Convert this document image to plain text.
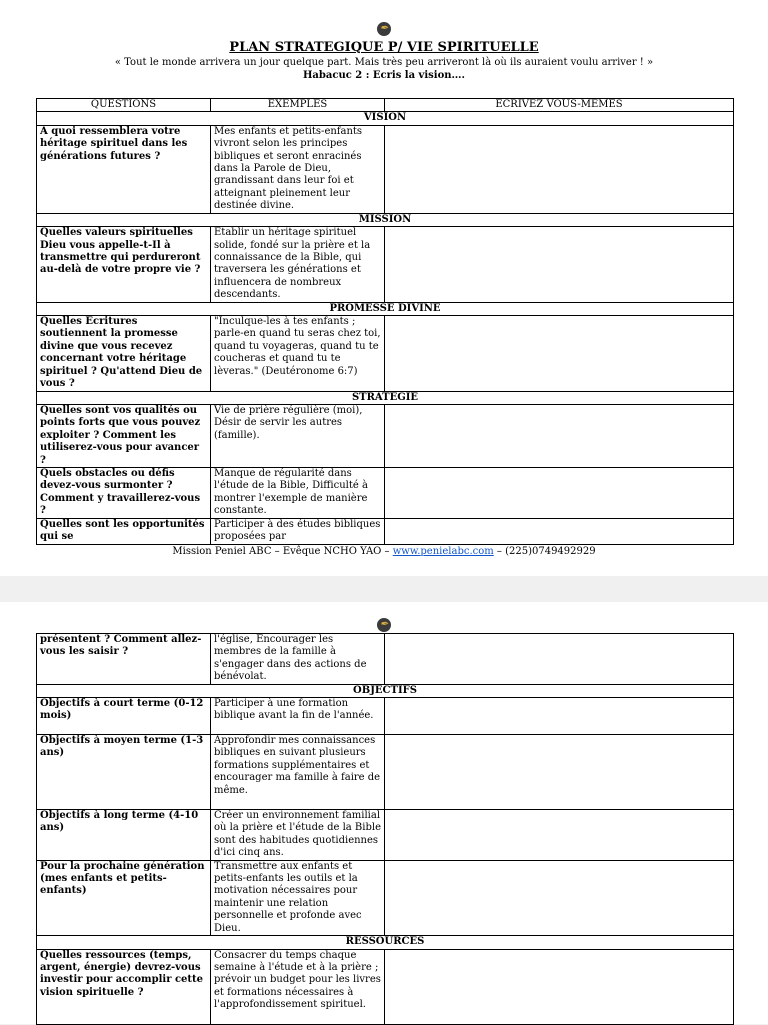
✒
PLAN STRATEGIQUE P/ VIE SPIRITUELLE
« Tout le monde arrivera un jour quelque part. Mais très peu arriveront là où ils auraient voulu arriver ! »
Habacuc 2 : Ecris la vision….
QUESTIONS	EXEMPLES	ECRIVEZ VOUS-MÊMES
VISION		
A quoi ressemblera votre héritage spirituel dans les générations futures ?	Mes enfants et petits-enfants vivront selon les principes bibliques et seront enracinés dans la Parole de Dieu, grandissant dans leur foi et atteignant pleinement leur destinée divine.	
MISSION		
Quelles valeurs spirituelles Dieu vous appelle-t-Il à transmettre qui perdureront au-delà de votre propre vie ?	Etablir un héritage spirituel solide, fondé sur la prière et la connaissance de la Bible, qui traversera les générations et influencera de nombreux descendants.	
PROMESSE DIVINE		
Quelles Ecritures soutiennent la promesse divine que vous recevez concernant votre héritage spirituel ? Qu'attend Dieu de vous ?	"Inculque-les à tes enfants ; parle-en quand tu seras chez toi, quand tu voyageras, quand tu te coucheras et quand tu te lèveras." (Deutéronome 6:7)	
STRATEGIE		
Quelles sont vos qualités ou points forts que vous pouvez exploiter ? Comment les utiliserez-vous pour avancer ?	Vie de prière régulière (moi), Désir de servir les autres (famille).	
Quels obstacles ou défis devez-vous surmonter ? Comment y travaillerez-vous ?	Manque de régularité dans l'étude de la Bible, Difficulté à montrer l'exemple de manière constante.	
Quelles sont les opportunités qui se	Participer à des études bibliques proposées par	
Mission Peniel ABC – Evêque NCHO YAO – www.penielabc.com – (225)0749492929
✒
présentent ? Comment allez-vous les saisir ?	l'église, Encourager les membres de la famille à s'engager dans des actions de bénévolat.	
OBJECTIFS		
Objectifs à court terme (0-12 mois)	Participer à une formation biblique avant la fin de l'année.	
Objectifs à moyen terme (1-3 ans)	Approfondir mes connaissances bibliques en suivant plusieurs formations supplémentaires et encourager ma famille à faire de même.	
Objectifs à long terme (4-10 ans)	Créer un environnement familial où la prière et l'étude de la Bible sont des habitudes quotidiennes d'ici cinq ans.	
Pour la prochaine génération (mes enfants et petits-enfants)	Transmettre aux enfants et petits-enfants les outils et la motivation nécessaires pour maintenir une relation personnelle et profonde avec Dieu.	
RESSOURCES		
Quelles ressources (temps, argent, énergie) devrez-vous investir pour accomplir cette vision spirituelle ?	Consacrer du temps chaque semaine à l'étude et à la prière ; prévoir un budget pour les livres et formations nécessaires à l'approfondissement spirituel.	
